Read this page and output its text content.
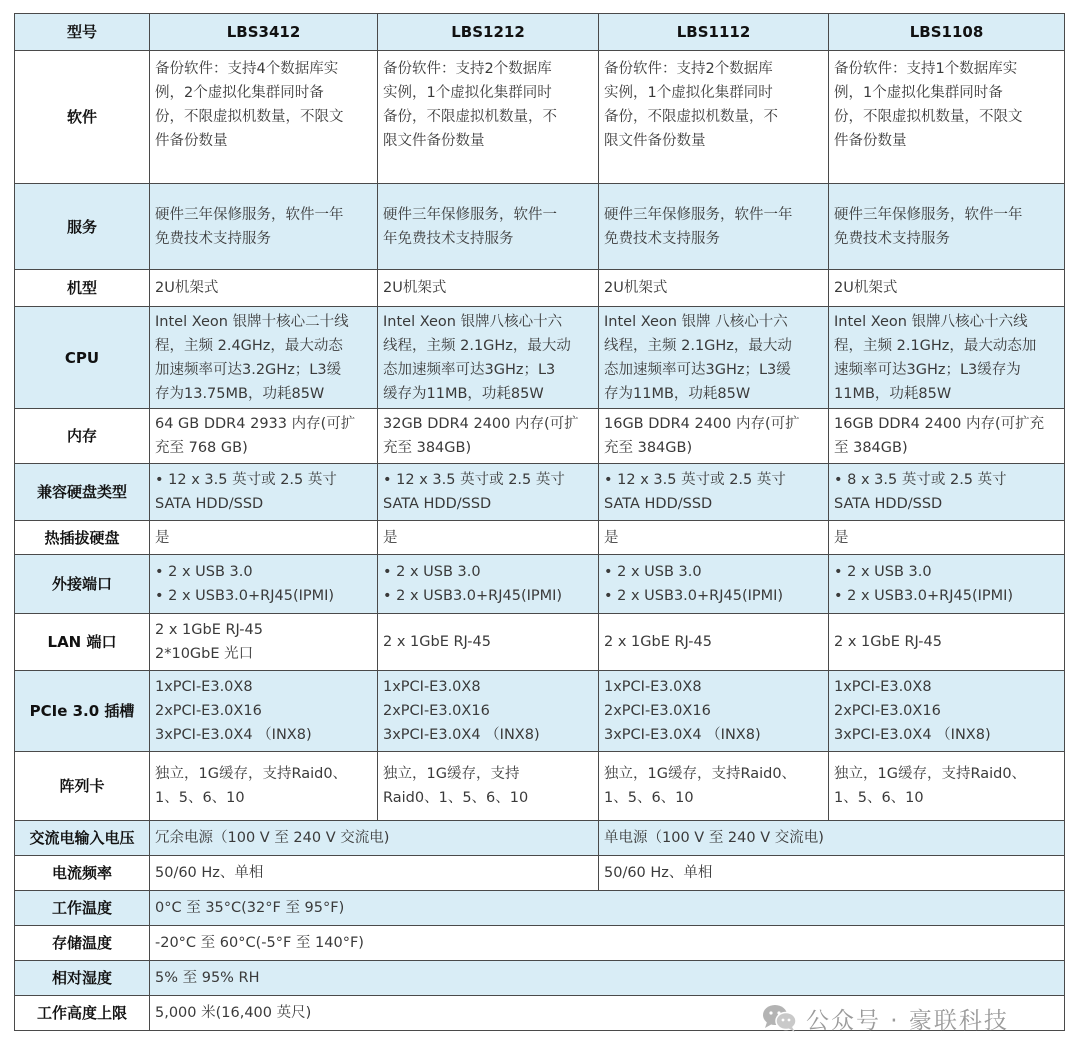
型号	LBS3412	LBS1212	LBS1112	LBS1108
软件	备份软件：支持4个数据库实
例，2个虚拟化集群同时备
份，不限虚拟机数量，不限文
件备份数量	备份软件：支持2个数据库
实例，1个虚拟化集群同时
备份，不限虚拟机数量，不
限文件备份数量	备份软件：支持2个数据库
实例，1个虚拟化集群同时
备份，不限虚拟机数量，不
限文件备份数量	备份软件：支持1个数据库实
例，1个虚拟化集群同时备
份，不限虚拟机数量，不限文
件备份数量

服务	硬件三年保修服务，软件一年
免费技术支持服务	硬件三年保修服务，软件一
年免费技术支持服务	硬件三年保修服务，软件一年
免费技术支持服务	硬件三年保修服务，软件一年
免费技术支持服务

机型	2U机架式	2U机架式	2U机架式	2U机架式

CPU	Intel Xeon 银牌十核心二十线
程，主频 2.4GHz，最大动态
加速频率可达3.2GHz；L3缓
存为13.75MB，功耗85W	Intel Xeon 银牌八核心十六
线程，主频 2.1GHz，最大动
态加速频率可达3GHz；L3
缓存为11MB，功耗85W	Intel Xeon 银牌 八核心十六
线程，主频 2.1GHz，最大动
态加速频率可达3GHz；L3缓
存为11MB，功耗85W	Intel Xeon 银牌八核心十六线
程，主频 2.1GHz，最大动态加
速频率可达3GHz；L3缓存为
11MB，功耗85W

内存	64 GB DDR4 2933 内存(可扩
充至 768 GB)	32GB DDR4 2400 内存(可扩
充至 384GB)	16GB DDR4 2400 内存(可扩
充至 384GB)	16GB DDR4 2400 内存(可扩充
至 384GB)

兼容硬盘类型	• 12 x 3.5 英寸或 2.5 英寸
SATA HDD/SSD	• 12 x 3.5 英寸或 2.5 英寸
SATA HDD/SSD	• 12 x 3.5 英寸或 2.5 英寸
SATA HDD/SSD	• 8 x 3.5 英寸或 2.5 英寸
SATA HDD/SSD

热插拔硬盘	是	是	是	是

外接端口	• 2 x USB 3.0
• 2 x USB3.0+RJ45(IPMI)	• 2 x USB 3.0
• 2 x USB3.0+RJ45(IPMI)	• 2 x USB 3.0
• 2 x USB3.0+RJ45(IPMI)	• 2 x USB 3.0
• 2 x USB3.0+RJ45(IPMI)

LAN 端口	2 x 1GbE RJ-45
2*10GbE 光口	2 x 1GbE RJ-45	2 x 1GbE RJ-45	2 x 1GbE RJ-45

PCIe 3.0 插槽	1xPCI-E3.0X8
2xPCI-E3.0X16
3xPCI-E3.0X4 （INX8)	1xPCI-E3.0X8
2xPCI-E3.0X16
3xPCI-E3.0X4 （INX8)	1xPCI-E3.0X8
2xPCI-E3.0X16
3xPCI-E3.0X4 （INX8)	1xPCI-E3.0X8
2xPCI-E3.0X16
3xPCI-E3.0X4 （INX8)

阵列卡	独立，1G缓存，支持Raid0、
1、5、6、10	独立，1G缓存，支持
Raid0、1、5、6、10	独立，1G缓存，支持Raid0、
1、5、6、10	独立，1G缓存，支持Raid0、
1、5、6、10

交流电输入电压	冗余电源（100 V 至 240 V 交流电)		单电源（100 V 至 240 V 交流电)	
电流频率	50/60 Hz、单相		50/60 Hz、单相	
工作温度	0°C 至 35°C(32°F 至 95°F)			
存储温度	-20°C 至 60°C(-5°F 至 140°F)			
相对湿度	5% 至 95% RH			
工作高度上限	5,000 米(16,400 英尺)				公众号 · 豪联科技
